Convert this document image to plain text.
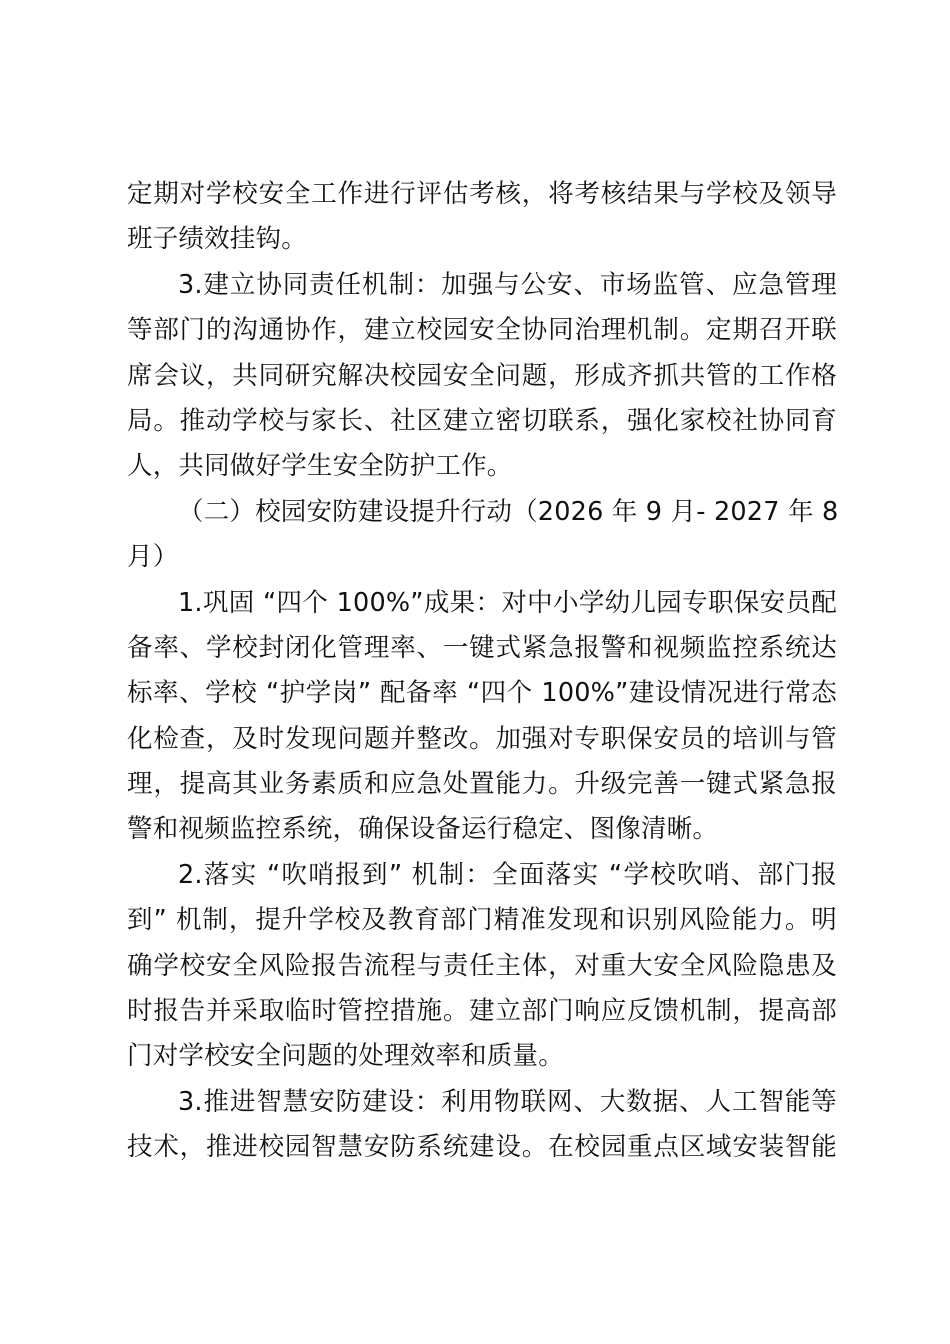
定期对学校安全工作进行评估考核，将考核结果与学校及领导
班子绩效挂钩。
3.建立协同责任机制：加强与公安、市场监管、应急管理
等部门的沟通协作，建立校园安全协同治理机制。定期召开联
席会议，共同研究解决校园安全问题，形成齐抓共管的工作格
局。推动学校与家长、社区建立密切联系，强化家校社协同育
人，共同做好学生安全防护工作。
（二）校园安防建设提升行动（2026 年 9 月- 2027 年 8
月）
1.巩固 “四个 100%”成果：对中小学幼儿园专职保安员配
备率、学校封闭化管理率、一键式紧急报警和视频监控系统达
标率、学校 “护学岗” 配备率 “四个 100%”建设情况进行常态
化检查，及时发现问题并整改。加强对专职保安员的培训与管
理，提高其业务素质和应急处置能力。升级完善一键式紧急报
警和视频监控系统，确保设备运行稳定、图像清晰。
2.落实 “吹哨报到” 机制：全面落实 “学校吹哨、部门报
到” 机制，提升学校及教育部门精准发现和识别风险能力。明
确学校安全风险报告流程与责任主体，对重大安全风险隐患及
时报告并采取临时管控措施。建立部门响应反馈机制，提高部
门对学校安全问题的处理效率和质量。
3.推进智慧安防建设：利用物联网、大数据、人工智能等
技术，推进校园智慧安防系统建设。在校园重点区域安装智能
